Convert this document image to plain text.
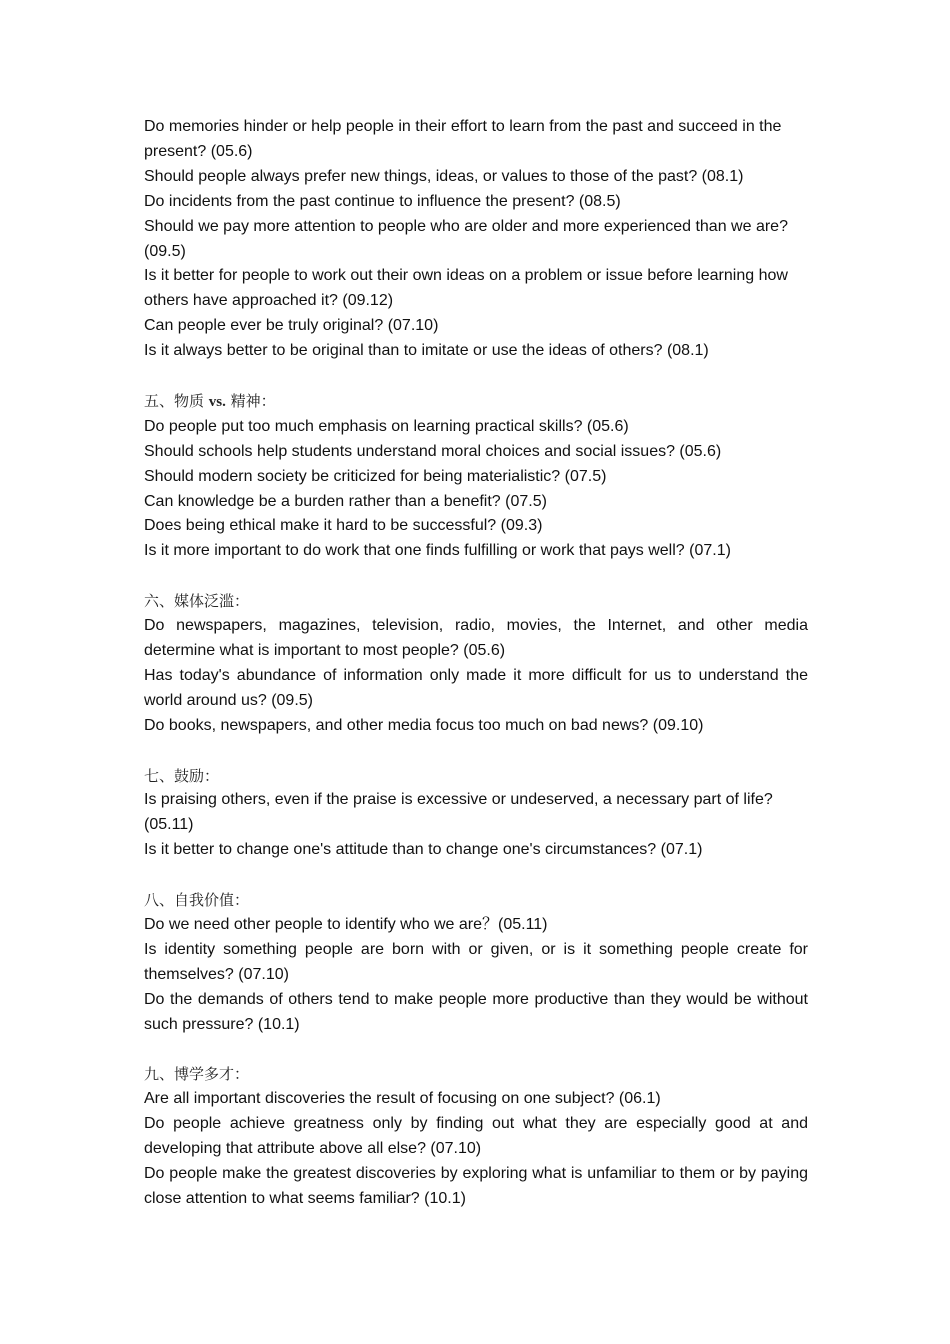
Do memories hinder or help people in their effort to learn from the past and succeed in the present? (05.6)

Should people always prefer new things, ideas, or values to those of the past? (08.1)

Do incidents from the past continue to influence the present? (08.5)

Should we pay more attention to people who are older and more experienced than we are? (09.5)

Is it better for people to work out their own ideas on a problem or issue before learning how others have approached it? (09.12)

Can people ever be truly original? (07.10)

Is it always better to be original than to imitate or use the ideas of others? (08.1)

五、物质 vs. 精神：

Do people put too much emphasis on learning practical skills? (05.6)

Should schools help students understand moral choices and social issues? (05.6)

Should modern society be criticized for being materialistic? (07.5)

Can knowledge be a burden rather than a benefit? (07.5)

Does being ethical make it hard to be successful? (09.3)

Is it more important to do work that one finds fulfilling or work that pays well? (07.1)

六、媒体泛滥：

Do newspapers, magazines, television, radio, movies, the Internet, and other media determine what is important to most people? (05.6)

Has today's abundance of information only made it more difficult for us to understand the world around us? (09.5)

Do books, newspapers, and other media focus too much on bad news? (09.10)

七、鼓励：

Is praising others, even if the praise is excessive or undeserved, a necessary part of life? (05.11)

Is it better to change one's attitude than to change one's circumstances? (07.1)

八、自我价值：

Do we need other people to identify who we are？(05.11)

Is identity something people are born with or given, or is it something people create for themselves? (07.10)

Do the demands of others tend to make people more productive than they would be without such pressure? (10.1)

九、博学多才：

Are all important discoveries the result of focusing on one subject? (06.1)

Do people achieve greatness only by finding out what they are especially good at and developing that attribute above all else? (07.10)

Do people make the greatest discoveries by exploring what is unfamiliar to them or by paying close attention to what seems familiar? (10.1)
